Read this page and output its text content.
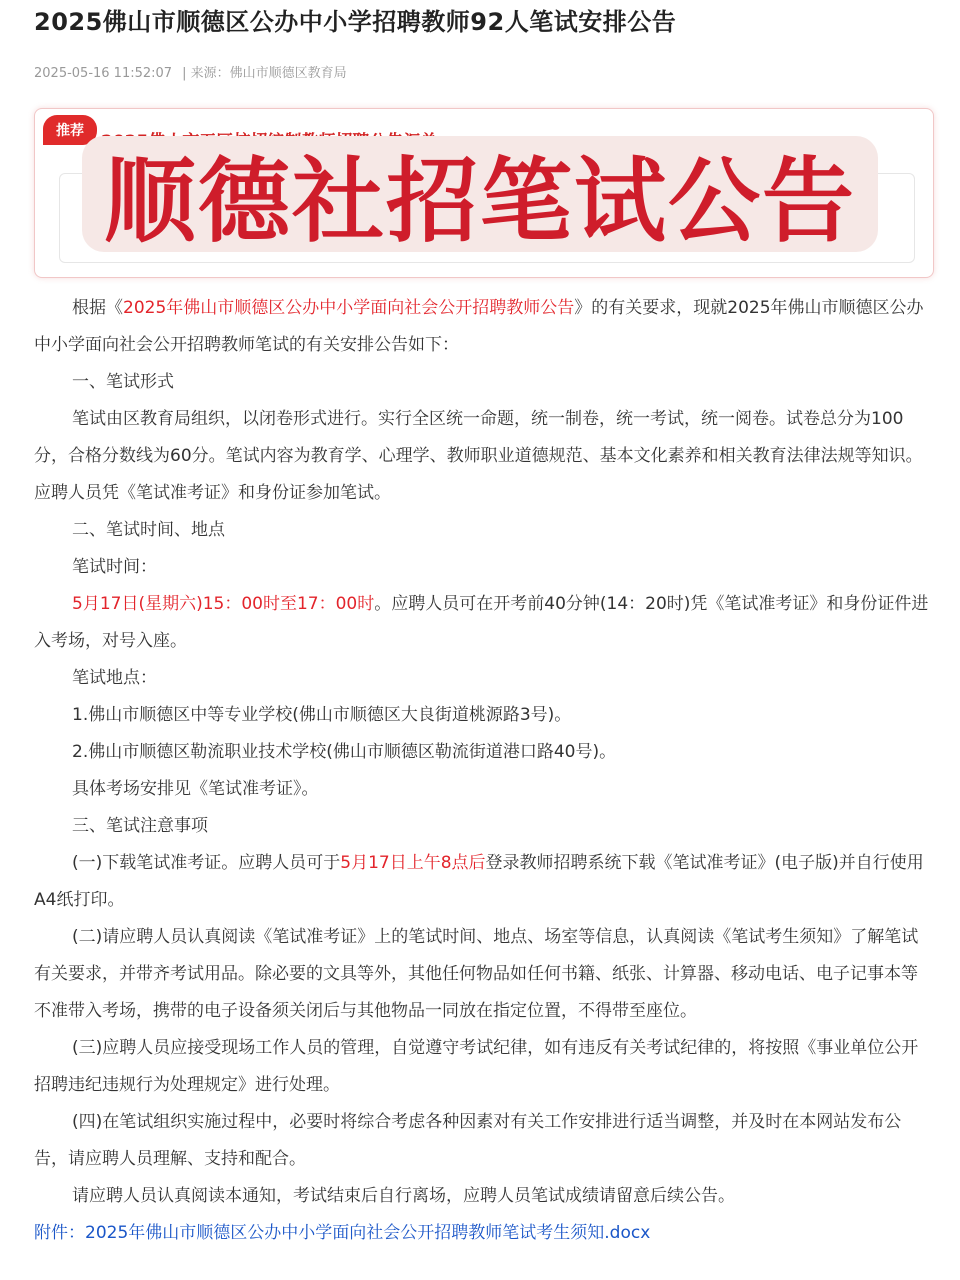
2025佛山市顺德区公办中小学招聘教师92人笔试安排公告
2025-05-16 11:52:07 | 来源：佛山市顺德区教育局
推荐
顺德社招笔试公告

根据《2025年佛山市顺德区公办中小学面向社会公开招聘教师公告》的有关要求，现就2025年佛山市顺德区公办中小学面向社会公开招聘教师笔试的有关安排公告如下：

一、笔试形式

笔试由区教育局组织，以闭卷形式进行。实行全区统一命题，统一制卷，统一考试，统一阅卷。试卷总分为100分，合格分数线为60分。笔试内容为教育学、心理学、教师职业道德规范、基本文化素养和相关教育法律法规等知识。应聘人员凭《笔试准考证》和身份证参加笔试。

二、笔试时间、地点

笔试时间：

5月17日(星期六)15：00时至17：00时。应聘人员可在开考前40分钟(14：20时)凭《笔试准考证》和身份证件进入考场，对号入座。

笔试地点：

1.佛山市顺德区中等专业学校(佛山市顺德区大良街道桃源路3号)。

2.佛山市顺德区勒流职业技术学校(佛山市顺德区勒流街道港口路40号)。

具体考场安排见《笔试准考证》。

三、笔试注意事项

(一)下载笔试准考证。应聘人员可于5月17日上午8点后登录教师招聘系统下载《笔试准考证》(电子版)并自行使用A4纸打印。

(二)请应聘人员认真阅读《笔试准考证》上的笔试时间、地点、场室等信息，认真阅读《笔试考生须知》了解笔试有关要求，并带齐考试用品。除必要的文具等外，其他任何物品如任何书籍、纸张、计算器、移动电话、电子记事本等不准带入考场，携带的电子设备须关闭后与其他物品一同放在指定位置，不得带至座位。

(三)应聘人员应接受现场工作人员的管理，自觉遵守考试纪律，如有违反有关考试纪律的，将按照《事业单位公开招聘违纪违规行为处理规定》进行处理。

(四)在笔试组织实施过程中，必要时将综合考虑各种因素对有关工作安排进行适当调整，并及时在本网站发布公告，请应聘人员理解、支持和配合。

请应聘人员认真阅读本通知，考试结束后自行离场，应聘人员笔试成绩请留意后续公告。

附件：2025年佛山市顺德区公办中小学面向社会公开招聘教师笔试考生须知.docx
